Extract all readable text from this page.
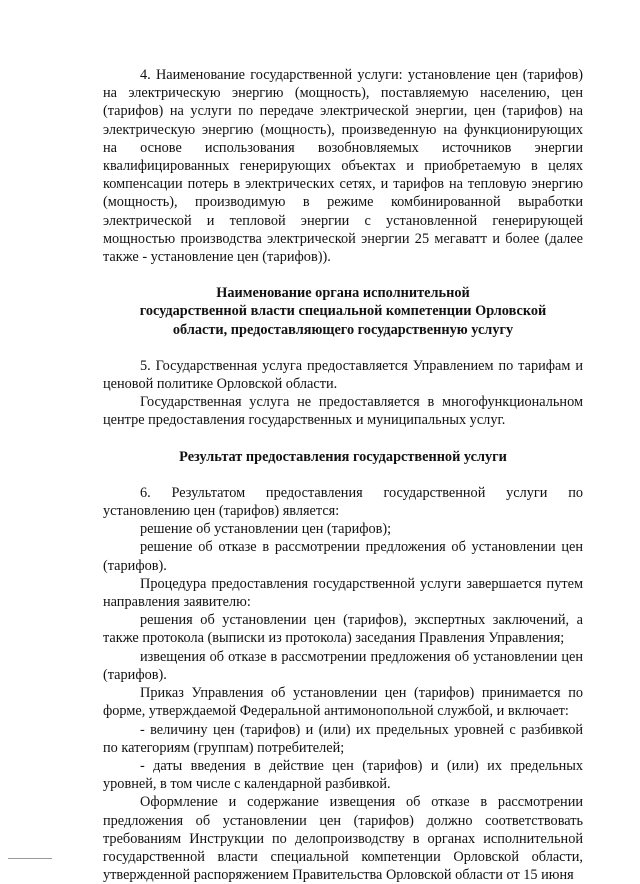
4. Наименование государственной услуги: установление цен (тарифов) на электрическую энергию (мощность), поставляемую населению, цен (тарифов) на услуги по передаче электрической энергии, цен (тарифов) на электрическую энергию (мощность), произведенную на функционирующих на основе использования возобновляемых источников энергии квалифицированных генерирующих объектах и приобретаемую в целях компенсации потерь в электрических сетях, и тарифов на тепловую энергию (мощность), производимую в режиме комбинированной выработки электрической и тепловой энергии с установленной генерирующей мощностью производства электрической энергии 25 мегаватт и более (далее также - установление цен (тарифов)).

Наименование органа исполнительной

государственной власти специальной компетенции Орловской

области, предоставляющего государственную услугу

5. Государственная услуга предоставляется Управлением по тарифам и ценовой политике Орловской области.

Государственная услуга не предоставляется в многофункциональном центре предоставления государственных и муниципальных услуг.

Результат предоставления государственной услуги

6. Результатом предоставления государственной услуги по установлению цен (тарифов) является:

решение об установлении цен (тарифов);

решение об отказе в рассмотрении предложения об установлении цен (тарифов).

Процедура предоставления государственной услуги завершается путем направления заявителю:

решения об установлении цен (тарифов), экспертных заключений, а также протокола (выписки из протокола) заседания Правления Управления;

извещения об отказе в рассмотрении предложения об установлении цен (тарифов).

Приказ Управления об установлении цен (тарифов) принимается по форме, утверждаемой Федеральной антимонопольной службой, и включает:

- величину цен (тарифов) и (или) их предельных уровней с разбивкой по категориям (группам) потребителей;

- даты введения в действие цен (тарифов) и (или) их предельных уровней, в том числе с календарной разбивкой.

Оформление и содержание извещения об отказе в рассмотрении предложения об установлении цен (тарифов) должно соответствовать требованиям Инструкции по делопроизводству в органах исполнительной государственной власти специальной компетенции Орловской области, утвержденной распоряжением Правительства Орловской области от 15 июня
